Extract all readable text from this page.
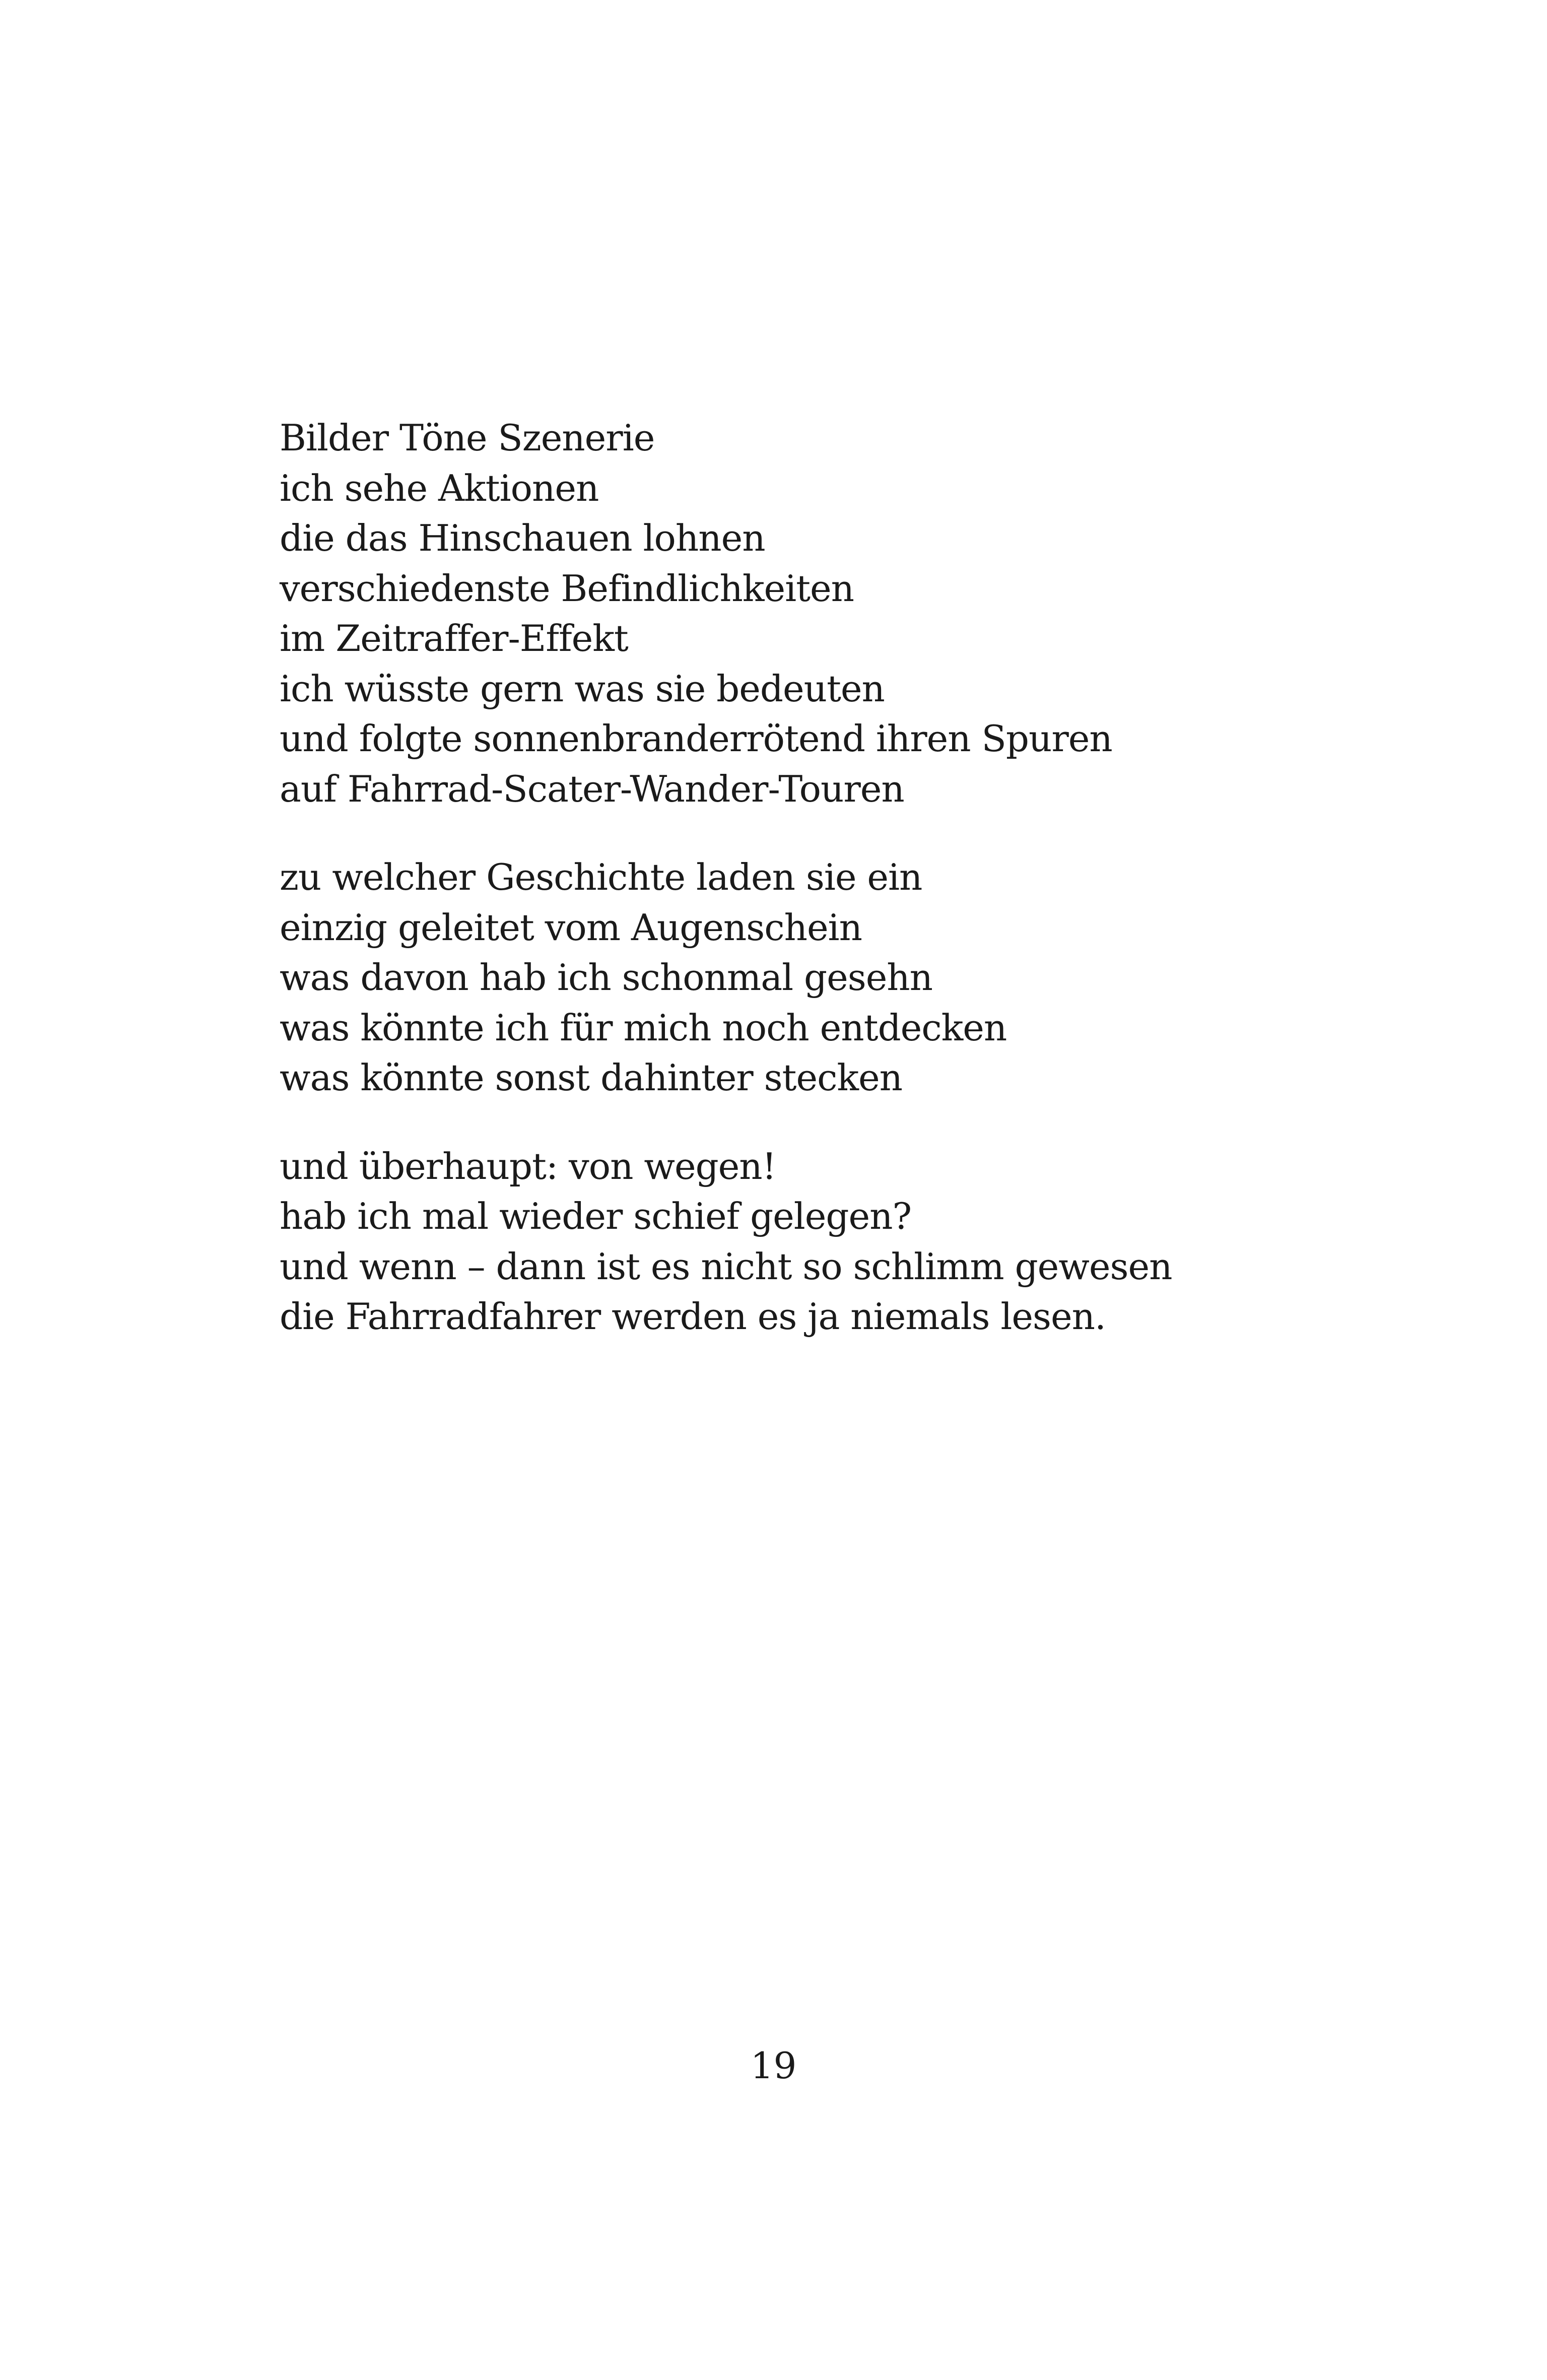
Bilder Töne Szenerie
ich sehe Aktionen
die das Hinschauen lohnen
verschiedenste Befindlichkeiten
im Zeitraffer-Effekt
ich wüsste gern was sie bedeuten
und folgte sonnenbranderrötend ihren Spuren
auf Fahrrad-Scater-Wander-Touren
zu welcher Geschichte laden sie ein
einzig geleitet vom Augenschein
was davon hab ich schonmal gesehn
was könnte ich für mich noch entdecken
was könnte sonst dahinter stecken
und überhaupt: von wegen!
hab ich mal wieder schief gelegen?
und wenn – dann ist es nicht so schlimm gewesen
die Fahrradfahrer werden es ja niemals lesen.
19
